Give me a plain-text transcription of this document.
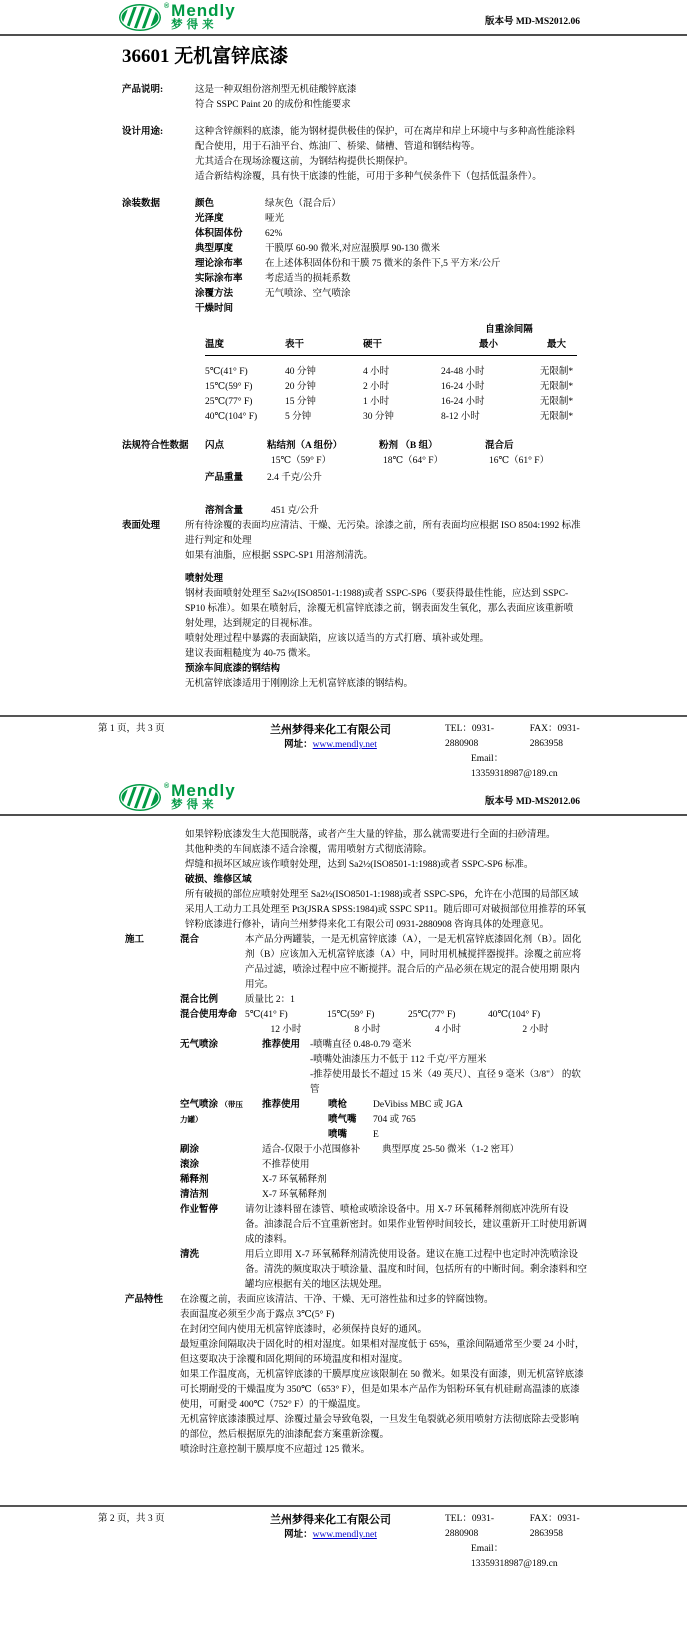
® Mendly
梦得来	版本号 MD-MS2012.06
36601 无机富锌底漆
产品说明:	这是一种双组份溶剂型无机硅酸锌底漆

符合 SSPC Paint 20 的成份和性能要求

设计用途:	这种含锌颜料的底漆，能为钢材提供极佳的保护，可在离岸和岸上环境中与多种高性能涂料配合使用，用于石油平台、炼油厂、桥梁、储槽、管道和钢结构等。

尤其适合在现场涂覆这前，为钢结构提供长期保护。

适合新结构涂覆，具有快干底漆的性能，可用于多种气侯条件下（包括低温条件）。

涂装数据	颜色	绿灰色（混合后）
光泽度	哑光
体积固体份	62%
典型厚度	干膜厚 60-90 微米,对应湿膜厚 90-130 微米
理论涂布率	在上述体积固体份和干膜 75 微米的条件下,5 平方米/公斤
实际涂布率	考虑适当的损耗系数
涂覆方法	无气喷涂、空气喷涂
干燥时间
自重涂间隔
温度	表干	硬干	最小	最大
5℃(41° F)	40 分钟	4 小时	24-48 小时	无限制*
15℃(59° F)	20 分钟	2 小时	16-24 小时	无限制*
25℃(77° F)	15 分钟	1 小时	16-24 小时	无限制*
40℃(104° F)	5 分钟	30 分钟	8-12 小时	无限制*
法规符合性数据	闪点	粘结剂（A 组份）	粉剂 （B 组）	混合后
15℃（59° F）	18℃（64° F）	16℃（61° F）
产品重量	2.4 千克/公升
溶剂含量	451 克/公升
表面处理	所有待涂覆的表面均应清洁、干燥、无污染。涂漆之前，所有表面均应根据 ISO 8504:1992 标准进行判定和处理

如果有油脂，应根据 SSPC-SP1 用溶剂清洗。

喷射处理

钢材表面喷射处理至 Sa2½(ISO8501-1:1988)或者 SSPC-SP6（要获得最佳性能，应达到 SSPC-SP10 标准）。如果在喷射后，涂覆无机富锌底漆之前，钢表面发生氧化，那么表面应该重新喷射处理，达到规定的目视标准。

喷射处理过程中暴露的表面缺陷，应该以适当的方式打磨、填补或处理。

建议表面粗糙度为 40-75 微米。

预涂车间底漆的钢结构

无机富锌底漆适用于刚刚涂上无机富锌底漆的钢结构。

第 1 页，共 3 页	兰州梦得来化工有限公司
网址：www.mendly.net
TEL：0931-2880908
FAX：0931-2863958
Email：13359318987@189.cn
® Mendly
梦得来	版本号 MD-MS2012.06

如果锌粉底漆发生大范围脱落，或者产生大量的锌盐，那么就需要进行全面的扫砂清理。

其他种类的车间底漆不适合涂覆，需用喷射方式彻底清除。

焊缝和损坏区域应该作喷射处理，达到 Sa2½(ISO8501-1:1988)或者 SSPC-SP6 标准。

破损、维修区域

所有破损的部位应喷射处理至 Sa2½(ISO8501-1:1988)或者 SSPC-SP6，允许在小范围的局部区域采用人工动力工具处理至 Pt3(JSRA SPSS:1984)或 SSPC SP11。随后即可对破损部位用推荐的环氧锌粉底漆进行修补，请向兰州梦得来化工有限公司 0931-2880908 咨询具体的处理意见。

施工	混合	本产品分两罐装，一是无机富锌底漆（A），一是无机富锌底漆固化剂（B）。固化剂（B）应该加入无机富锌底漆（A）中，同时用机械搅拌器搅拌。涂覆之前应将产品过滤，喷涂过程中应不断搅拌。混合后的产品必须在规定的混合使用期 限内用完。
混合比例	质量比 2：1
混合使用寿命 5℃(41° F)	15℃(59° F)	25℃(77° F)	40℃(104° F)
12 小时	8 小时	4 小时	2 小时
无气喷涂	推荐使用	-喷嘴直径 0.48-0.79 毫米

-喷嘴处油漆压力不低于 112 千克/平方厘米

-推荐使用最长不超过 15 米（49 英尺）、直径 9 毫米（3/8"） 的软管

空气喷涂 （带压力罐）
推荐使用	喷枪	DeVibiss MBC 或 JGA
喷气嘴	704 或 765
喷嘴	E
刷涂	适合-仅限于小范围修补 典型厚度 25-50 微米（1-2 密耳）
滚涂	不推荐使用
稀释剂	X-7 环氧稀释剂
清洁剂	X-7 环氧稀释剂
作业暂停	请勿让漆料留在漆管、喷枪或喷涂设备中。用 X-7 环氧稀释剂彻底冲洗所有设备。油漆混合后不宜重新密封。如果作业暂停时间较长，建议重新开工时使用新调成的漆料。
清洗	用后立即用 X-7 环氧稀释剂清洗使用设备。建议在施工过程中也定时冲洗喷涂设备。清洗的频度取决于喷涂量、温度和时间，包括所有的中断时间。剩余漆料和空罐均应根据有关的地区法规处理。
产品特性	在涂覆之前，表面应该清洁、干净、干燥、无可溶性盐和过多的锌腐蚀物。

表面温度必须至少高于露点 3℃(5° F)

在封闭空间内使用无机富锌底漆时，必须保持良好的通风。

最短重涂间隔取决于固化时的相对湿度。如果相对湿度低于 65%，重涂间隔通常至少要 24 小时，但这要取决于涂覆和固化期间的环境温度和相对湿度。

如果工作温度高，无机富锌底漆的干膜厚度应该限制在 50 微米。如果没有面漆，则无机富锌底漆可长期耐受的干燥温度为 350℃（653° F），但是如果本产品作为铝粉环氧有机硅耐高温漆的底漆使用，可耐受 400℃（752° F）的干燥温度。

无机富锌底漆漆膜过厚、涂覆过量会导致龟裂，一旦发生龟裂就必须用喷射方法彻底除去受影响的部位，然后根据原先的油漆配套方案重新涂覆。

喷涂时注意控制干膜厚度不应超过 125 微米。

第 2 页，共 3 页	兰州梦得来化工有限公司
网址：www.mendly.net
TEL：0931-2880908
FAX：0931-2863958
Email：13359318987@189.cn
